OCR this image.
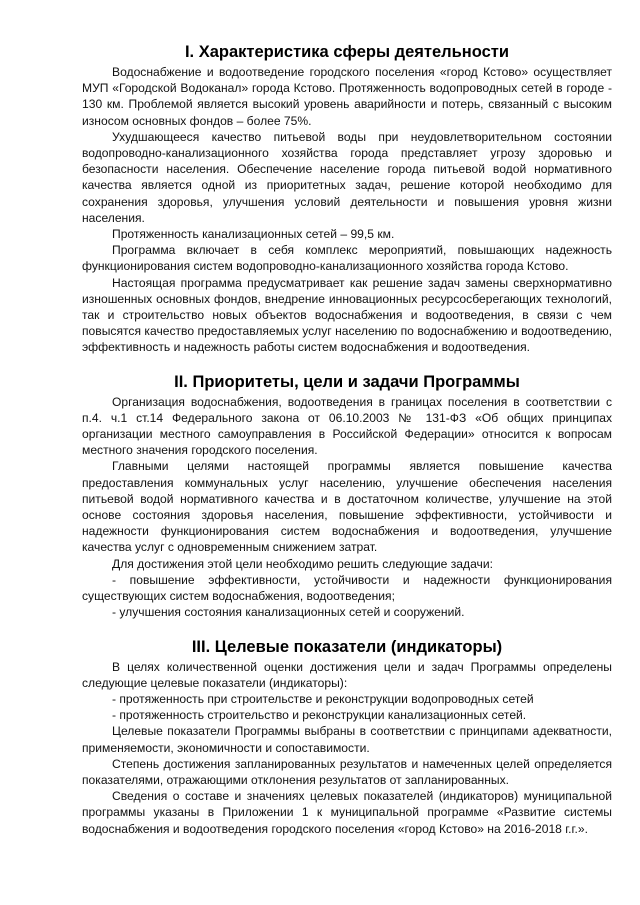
I. Характеристика сферы деятельности

Водоснабжение и водоотведение городского поселения «город Кстово» осуществляет МУП «Городской Водоканал» города Кстово. Протяженность водопроводных сетей в городе - 130 км. Проблемой является высокий уровень аварийности и потерь, связанный с высоким износом основных фондов – более 75%.

Ухудшающееся качество питьевой воды при неудовлетворительном состоянии водопроводно-канализационного хозяйства города представляет угрозу здоровью и безопасности населения. Обеспечение население города питьевой водой нормативного качества является одной из приоритетных задач, решение которой необходимо для сохранения здоровья, улучшения условий деятельности и повышения уровня жизни населения.

Протяженность канализационных сетей – 99,5 км.

Программа включает в себя комплекс мероприятий, повышающих надежность функционирования систем водопроводно-канализационного хозяйства города Кстово.

Настоящая программа предусматривает как решение задач замены сверхнормативно изношенных основных фондов, внедрение инновационных ресурсосберегающих технологий, так и строительство новых объектов водоснабжения и водоотведения, в связи с чем повысятся качество предоставляемых услуг населению по водоснабжению и водоотведению, эффективность и надежность работы систем водоснабжения и водоотведения.

II. Приоритеты, цели и задачи Программы

Организация водоснабжения, водоотведения в границах поселения в соответствии с п.4. ч.1 ст.14 Федерального закона от 06.10.2003 № 131-ФЗ «Об общих принципах организации местного самоуправления в Российской Федерации» относится к вопросам местного значения городского поселения.

Главными целями настоящей программы является повышение качества предоставления коммунальных услуг населению, улучшение обеспечения населения питьевой водой нормативного качества и в достаточном количестве, улучшение на этой основе состояния здоровья населения, повышение эффективности, устойчивости и надежности функционирования систем водоснабжения и водоотведения, улучшение качества услуг с одновременным снижением затрат.

Для достижения этой цели необходимо решить следующие задачи:

- повышение эффективности, устойчивости и надежности функционирования существующих систем водоснабжения, водоотведения;

- улучшения состояния канализационных сетей и сооружений.

III. Целевые показатели (индикаторы)

В целях количественной оценки достижения цели и задач Программы определены следующие целевые показатели (индикаторы):

- протяженность при строительстве и реконструкции водопроводных сетей

- протяженность строительство и реконструкции канализационных сетей.

Целевые показатели Программы выбраны в соответствии с принципами адекватности, применяемости, экономичности и сопоставимости.

Степень достижения запланированных результатов и намеченных целей определяется показателями, отражающими отклонения результатов от запланированных.

Сведения о составе и значениях целевых показателей (индикаторов) муниципальной программы указаны в Приложении 1 к муниципальной программе «Развитие системы водоснабжения и водоотведения городского поселения «город Кстово» на 2016-2018 г.г.».
